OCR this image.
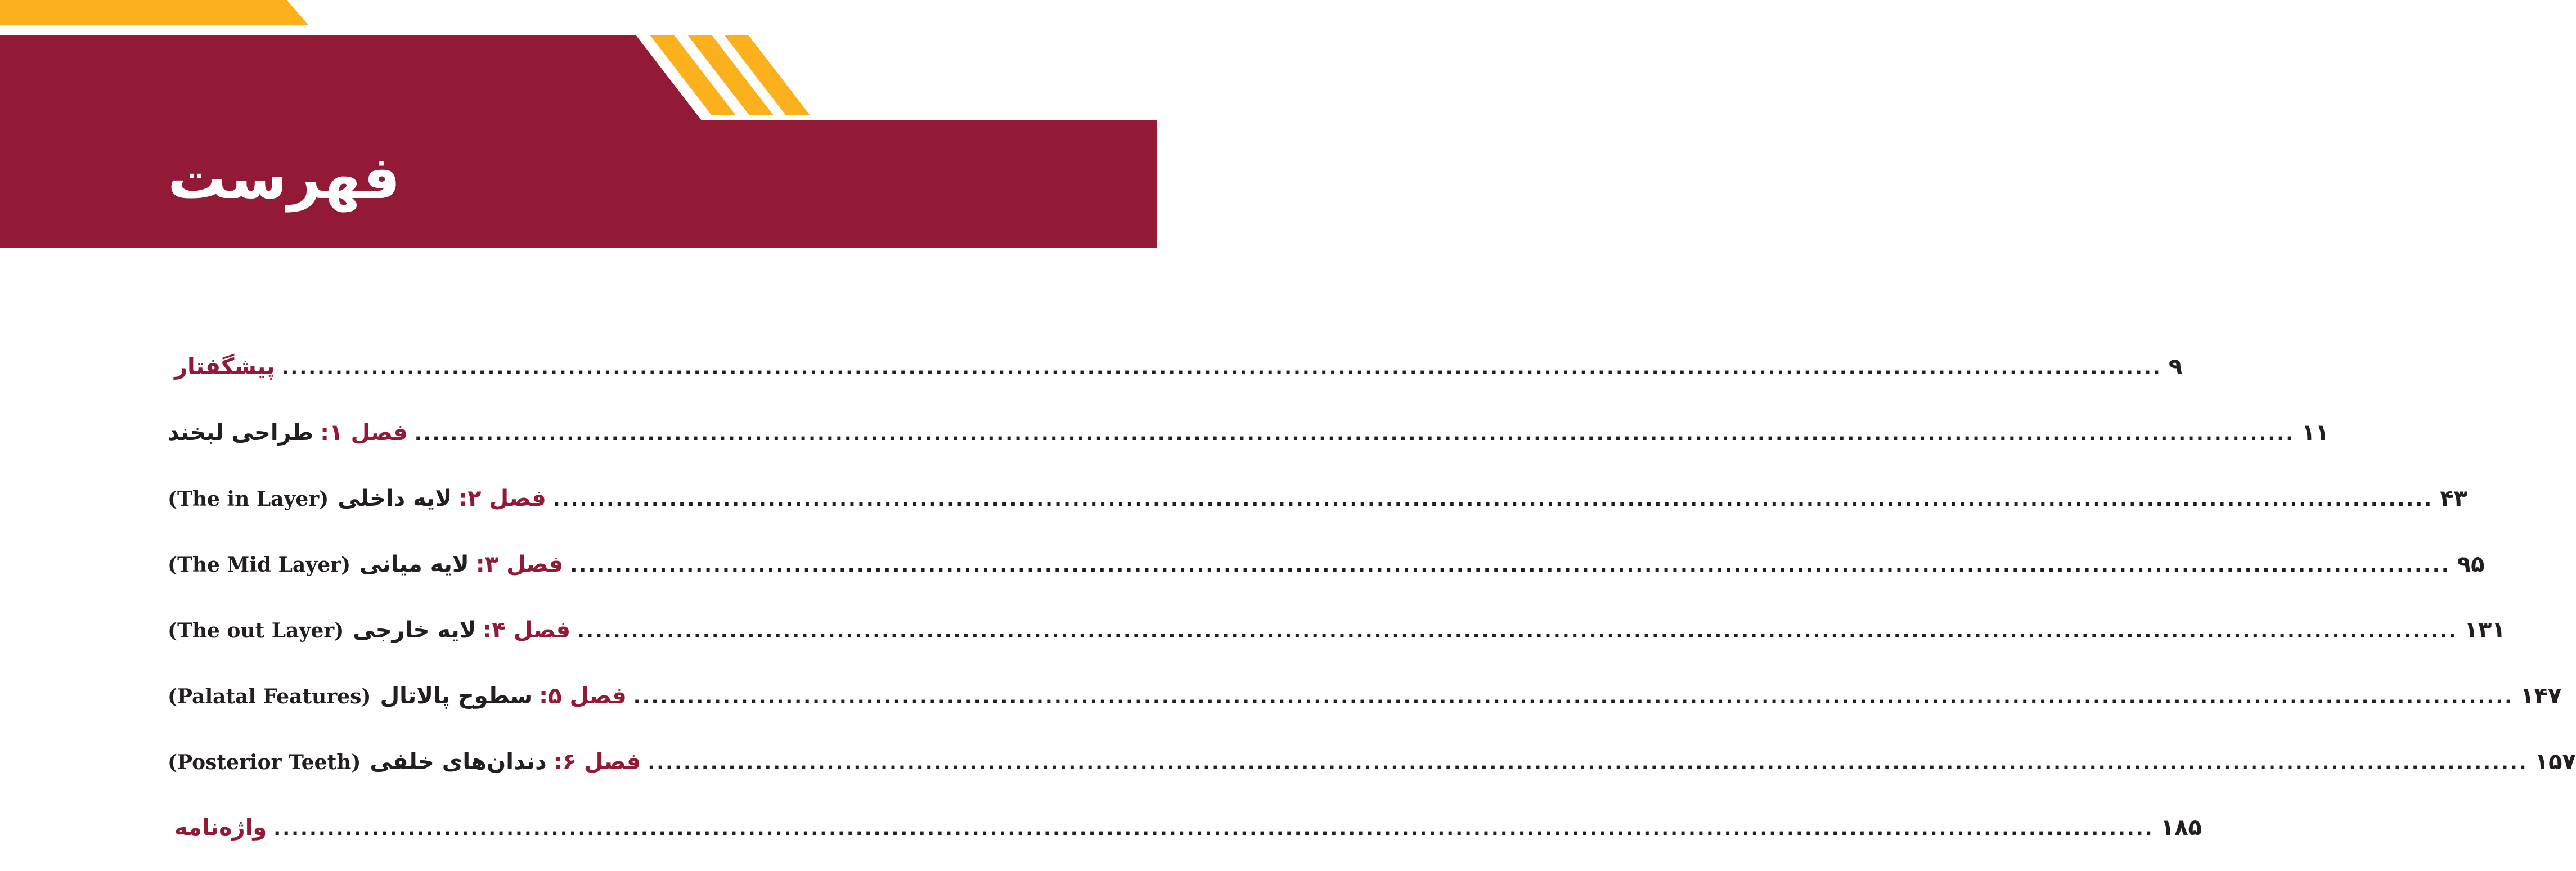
فهرست
پیشگفتار .................................................................................................................................................................................................................. ۹
فصل ۱:
طراحی لبخند	.................................................................................................................................................................................................................. ۱۱
فصل ۲:
لایه داخلی
(The in Layer)	.................................................................................................................................................................................................................. ۴۳
فصل ۳:
لایه میانی
(The Mid Layer)	.................................................................................................................................................................................................................. ۹۵
فصل ۴:
لایه خارجی
(The out Layer)	.................................................................................................................................................................................................................. ۱۳۱
فصل ۵:
سطوح پالاتال
(Palatal Features)	.................................................................................................................................................................................................................. ۱۴۷
فصل ۶:
دندان‌های خلفی
(Posterior Teeth)	.................................................................................................................................................................................................................. ۱۵۷
واژه‌نامه .................................................................................................................................................................................................................. ۱۸۵
